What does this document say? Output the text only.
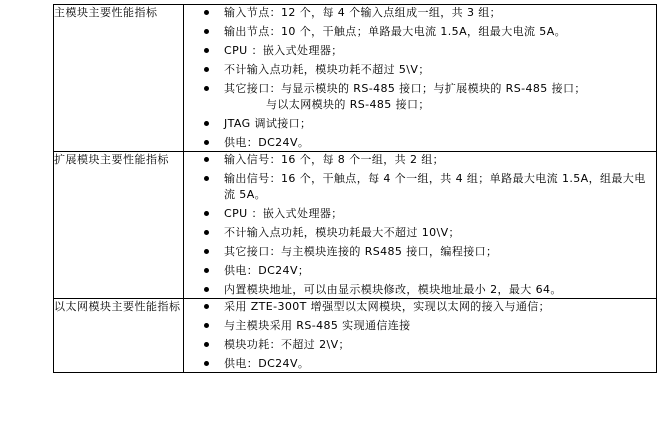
主模块主要性能指标	输入节点：12 个，每 4 个输入点组成一组，共 3 组；
输出节点：10 个，干触点；单路最大电流 1.5A，组最大电流 5A。
CPU ：嵌入式处理器；
不计输入点功耗，模块功耗不超过 5\V；
其它接口：与显示模块的 RS-485 接口；与扩展模块的 RS-485 接口；
与以太网模块的 RS-485 接口；
JTAG 调试接口；
供电：DC24V。

扩展模块主要性能指标	输入信号：16 个，每 8 个一组，共 2 组；
输出信号：16 个，干触点，每 4 个一组，共 4 组；单路最大电流 1.5A，组最大电流 5A。
CPU ：嵌入式处理器；
不计输入点功耗，模块功耗最大不超过 10\V；
其它接口：与主模块连接的 RS485 接口，编程接口；
供电：DC24V；
内置模块地址，可以由显示模块修改，模块地址最小 2，最大 64。

以太网模块主要性能指标	采用 ZTE-300T 增强型以太网模块，实现以太网的接入与通信；
与主模块采用 RS-485 实现通信连接
模块功耗：不超过 2\V；
供电：DC24V。
